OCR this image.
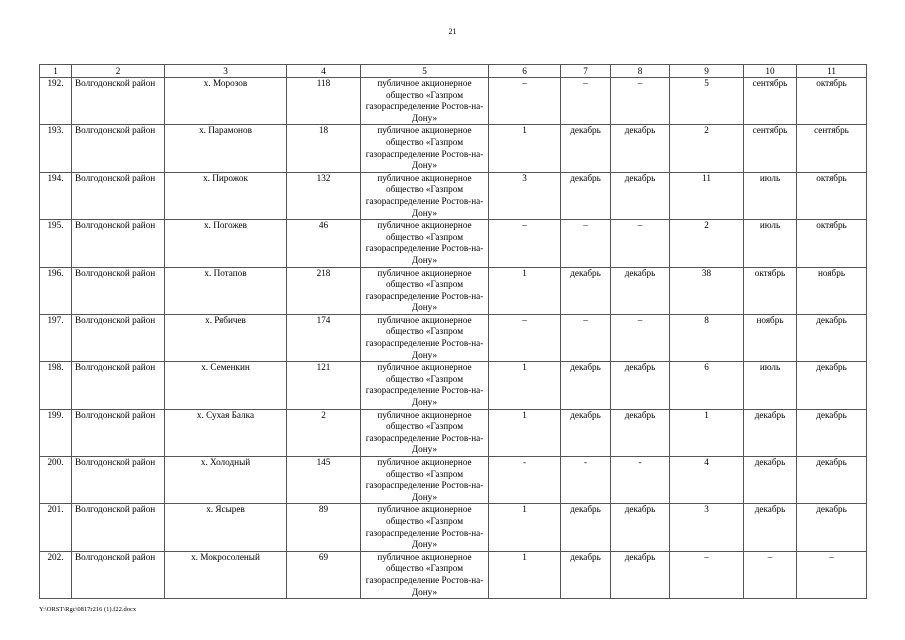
21
1	2	3	4	5	6	7	8	9	10	11
192.	Волгодонской район	х. Морозов	118	публичное акционерное общество «Газпром газораспределение Ростов-на-Дону»	–	–	–	5	сентябрь	октябрь
193.	Волгодонской район	х. Парамонов	18	публичное акционерное общество «Газпром газораспределение Ростов-на-Дону»	1	декабрь	декабрь	2	сентябрь	сентябрь
194.	Волгодонской район	х. Пирожок	132	публичное акционерное общество «Газпром газораспределение Ростов-на-Дону»	3	декабрь	декабрь	11	июль	октябрь
195.	Волгодонской район	х. Погожев	46	публичное акционерное общество «Газпром газораспределение Ростов-на-Дону»	–	–	–	2	июль	октябрь
196.	Волгодонской район	х. Потапов	218	публичное акционерное общество «Газпром газораспределение Ростов-на-Дону»	1	декабрь	декабрь	38	октябрь	ноябрь
197.	Волгодонской район	х. Рябичев	174	публичное акционерное общество «Газпром газораспределение Ростов-на-Дону»	–	–	–	8	ноябрь	декабрь
198.	Волгодонской район	х. Семенкин	121	публичное акционерное общество «Газпром газораспределение Ростов-на-Дону»	1	декабрь	декабрь	6	июль	декабрь
199.	Волгодонской район	х. Сухая Балка	2	публичное акционерное общество «Газпром газораспределение Ростов-на-Дону»	1	декабрь	декабрь	1	декабрь	декабрь
200.	Волгодонской район	х. Холодный	145	публичное акционерное общество «Газпром газораспределение Ростов-на-Дону»	-	-	-	4	декабрь	декабрь
201.	Волгодонской район	х. Ясырев	89	публичное акционерное общество «Газпром газораспределение Ростов-на-Дону»	1	декабрь	декабрь	3	декабрь	декабрь
202.	Волгодонской район	х. Мокросоленый	69	публичное акционерное общество «Газпром газораспределение Ростов-на-Дону»	1	декабрь	декабрь	–	–	–
Y:\ORST\Rgc\0817r216 (1).f22.docx
